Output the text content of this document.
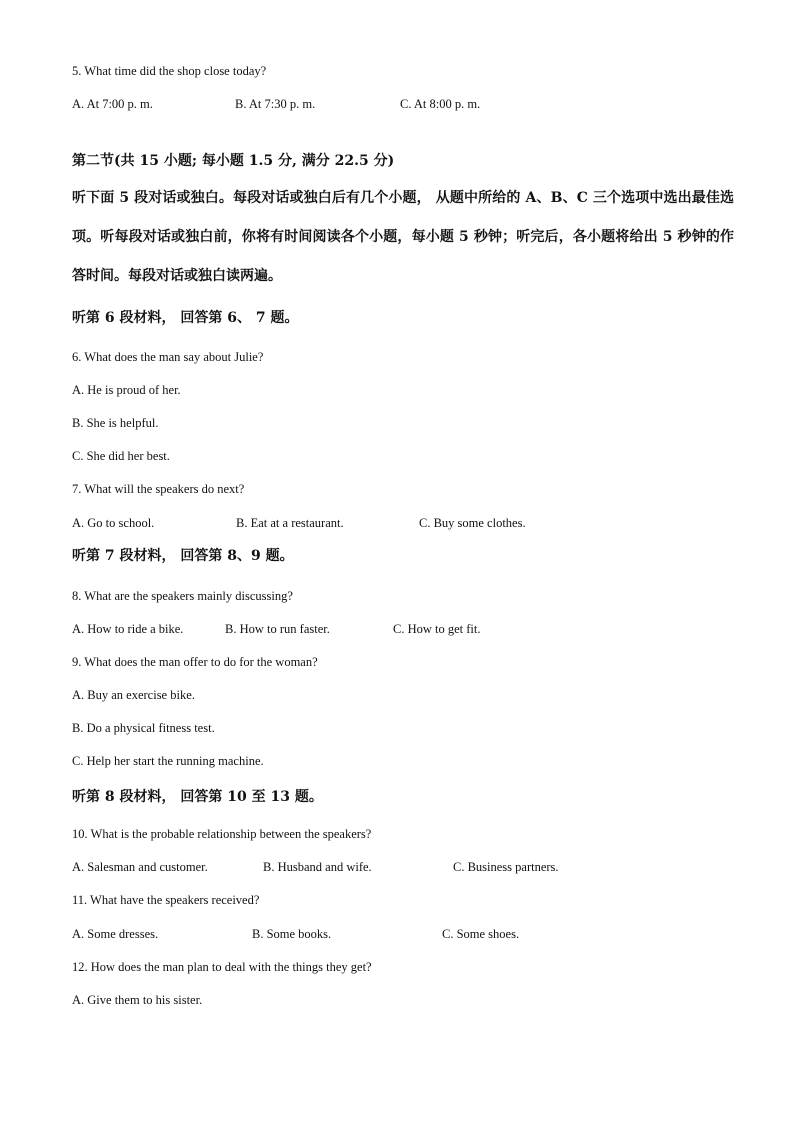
5. What time did the shop close today?
A. At 7:00 p. m.	B. At 7:30 p. m.	C. At 8:00 p. m.
第二节(共 15 小题; 每小题 1.5 分, 满分 22.5 分)
听下面 5 段对话或独白。每段对话或独白后有几个小题， 从题中所给的 A、B、C 三个选项中选出最佳选项。听每段对话或独白前，你将有时间阅读各个小题，每小题 5 秒钟；听完后，各小题将给出 5 秒钟的作答时间。每段对话或独白读两遍。
听第 6 段材料， 回答第 6、 7 题。
6. What does the man say about Julie?
A. He is proud of her.
B. She is helpful.
C. She did her best.
7. What will the speakers do next?
A. Go to school.	B. Eat at a restaurant.	C. Buy some clothes.
听第 7 段材料， 回答第 8、9 题。
8. What are the speakers mainly discussing?
A. How to ride a bike.	B. How to run faster.	C. How to get fit.
9. What does the man offer to do for the woman?
A. Buy an exercise bike.
B. Do a physical fitness test.
C. Help her start the running machine.
听第 8 段材料， 回答第 10 至 13 题。
10. What is the probable relationship between the speakers?
A. Salesman and customer.	B. Husband and wife.	C. Business partners.
11. What have the speakers received?
A. Some dresses.	B. Some books.	C. Some shoes.
12. How does the man plan to deal with the things they get?
A. Give them to his sister.
